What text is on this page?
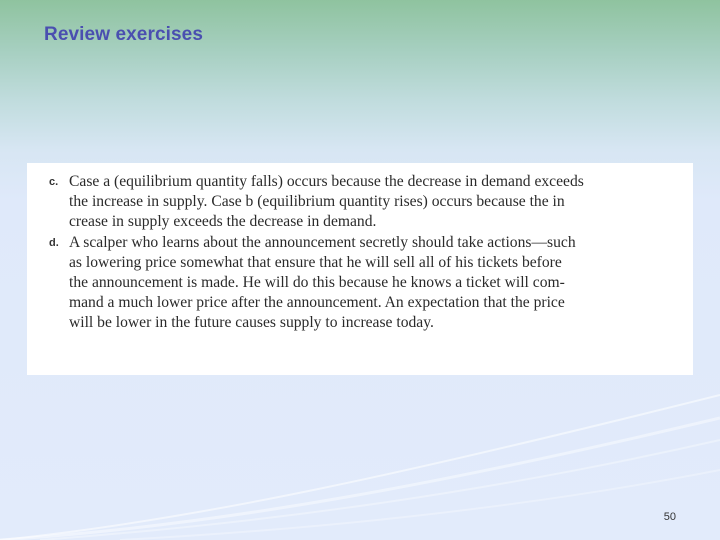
Review exercises
c. Case a (equilibrium quantity falls) occurs because the decrease in demand exceeds
the increase in supply. Case b (equilibrium quantity rises) occurs because the in
crease in supply exceeds the decrease in demand.
d. A scalper who learns about the announcement secretly should take actions—such
as lowering price somewhat that ensure that he will sell all of his tickets before
the announcement is made. He will do this because he knows a ticket will com-
mand a much lower price after the announcement. An expectation that the price
will be lower in the future causes supply to increase today.
50
